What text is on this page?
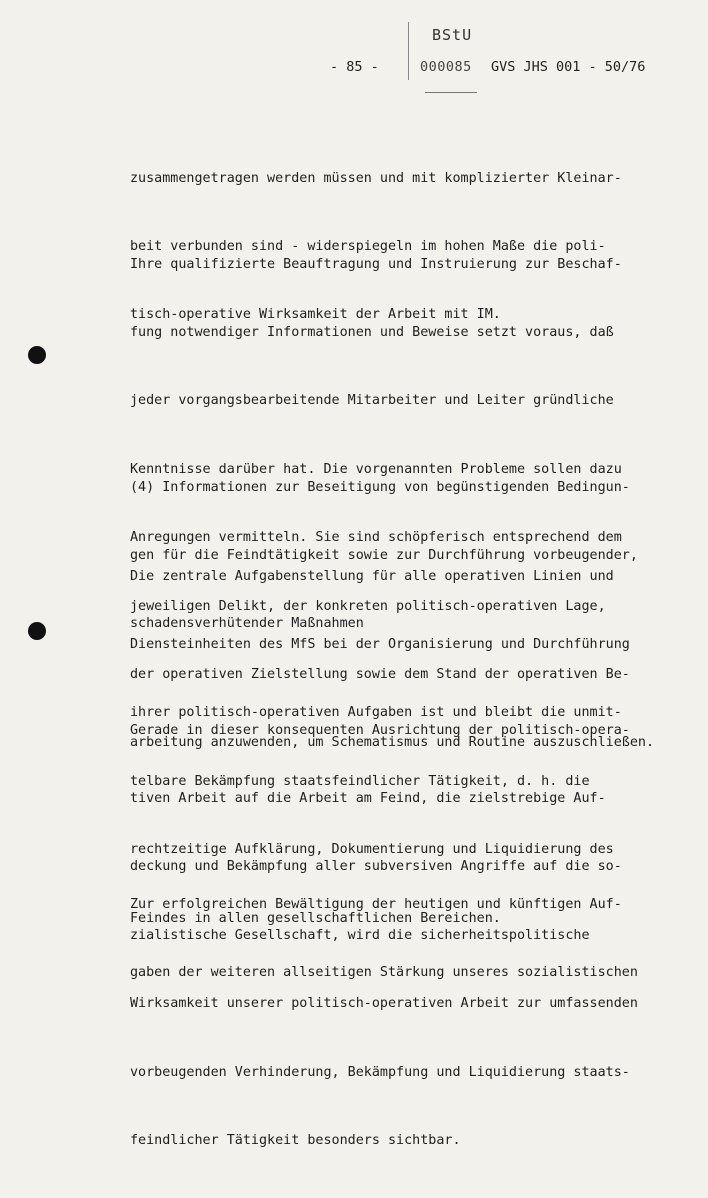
BStU
- 85 -	000085 GVS JHS 001 - 50/76

zusammengetragen werden müssen und mit komplizierter Kleinar-

beit verbunden sind - widerspiegeln im hohen Maße die poli-

tisch-operative Wirksamkeit der Arbeit mit IM.

Ihre qualifizierte Beauftragung und Instruierung zur Beschaf-

fung notwendiger Informationen und Beweise setzt voraus, daß

jeder vorgangsbearbeitende Mitarbeiter und Leiter gründliche

Kenntnisse darüber hat. Die vorgenannten Probleme sollen dazu

Anregungen vermitteln. Sie sind schöpferisch entsprechend dem

jeweiligen Delikt, der konkreten politisch-operativen Lage,

der operativen Zielstellung sowie dem Stand der operativen Be-

arbeitung anzuwenden, um Schematismus und Routine auszuschließen.

(4) Informationen zur Beseitigung von begünstigenden Bedingun-

gen für die Feindtätigkeit sowie zur Durchführung vorbeugender,

schadensverhütender Maßnahmen

Die zentrale Aufgabenstellung für alle operativen Linien und

Diensteinheiten des MfS bei der Organisierung und Durchführung

ihrer politisch-operativen Aufgaben ist und bleibt die unmit-

telbare Bekämpfung staatsfeindlicher Tätigkeit, d. h. die

rechtzeitige Aufklärung, Dokumentierung und Liquidierung des

Feindes in allen gesellschaftlichen Bereichen.

Gerade in dieser konsequenten Ausrichtung der politisch-opera-

tiven Arbeit auf die Arbeit am Feind, die zielstrebige Auf-

deckung und Bekämpfung aller subversiven Angriffe auf die so-

zialistische Gesellschaft, wird die sicherheitspolitische

Wirksamkeit unserer politisch-operativen Arbeit zur umfassenden

vorbeugenden Verhinderung, Bekämpfung und Liquidierung staats-

feindlicher Tätigkeit besonders sichtbar.

Zur erfolgreichen Bewältigung der heutigen und künftigen Auf-

gaben der weiteren allseitigen Stärkung unseres sozialistischen
